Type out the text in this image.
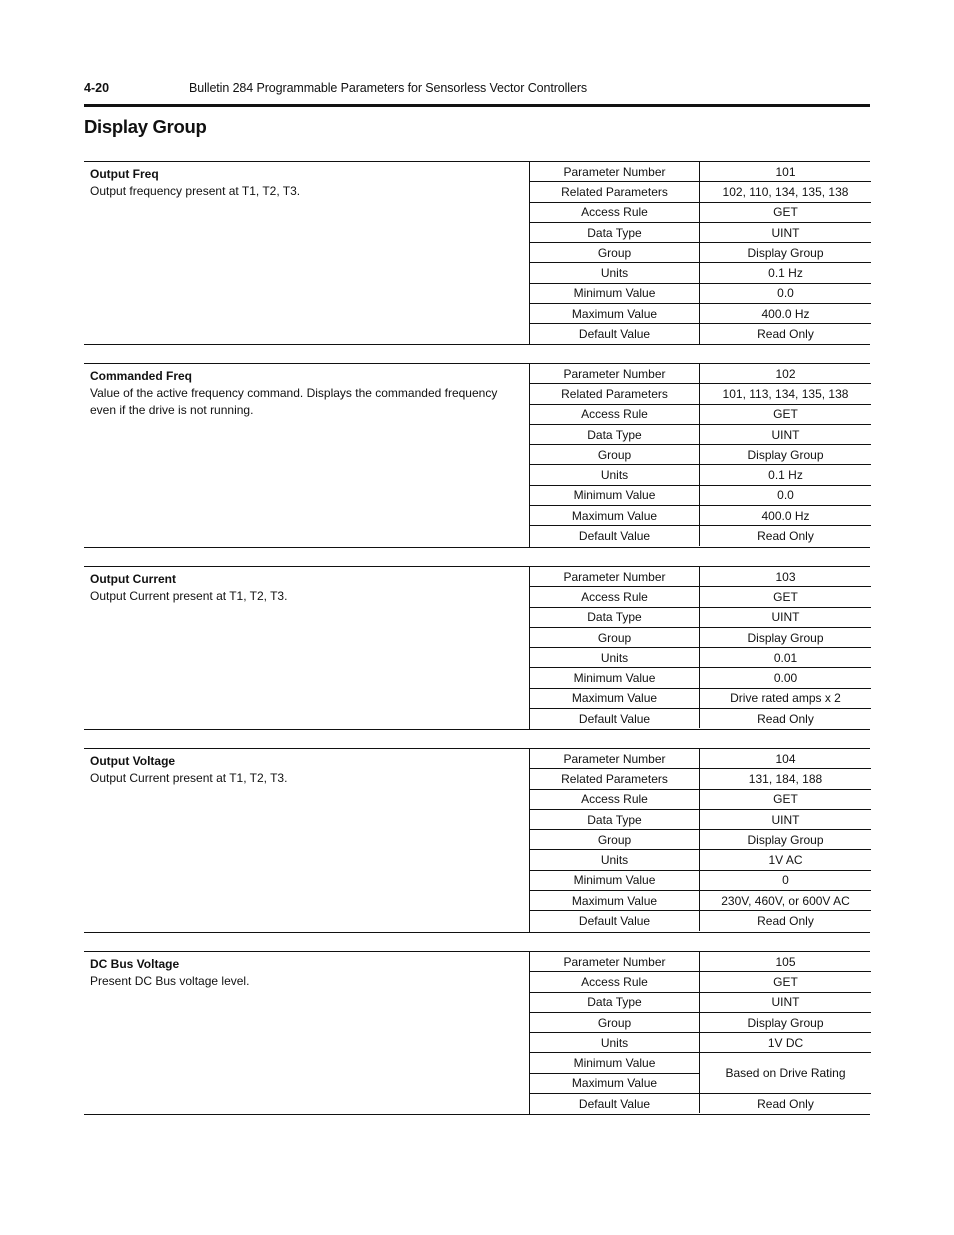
4-20	Bulletin 284 Programmable Parameters for Sensorless Vector Controllers
Display Group
Output Freq
Output frequency present at T1, T2, T3.
Parameter Number	101
Related Parameters	102, 110, 134, 135, 138
Access Rule	GET
Data Type	UINT
Group	Display Group
Units	0.1 Hz
Minimum Value	0.0
Maximum Value	400.0 Hz
Default Value	Read Only
Commanded Freq
Value of the active frequency command. Displays the commanded frequency even if the drive is not running.
Parameter Number	102
Related Parameters	101, 113, 134, 135, 138
Access Rule	GET
Data Type	UINT
Group	Display Group
Units	0.1 Hz
Minimum Value	0.0
Maximum Value	400.0 Hz
Default Value	Read Only
Output Current
Output Current present at T1, T2, T3.
Parameter Number	103
Access Rule	GET
Data Type	UINT
Group	Display Group
Units	0.01
Minimum Value	0.00
Maximum Value	Drive rated amps x 2
Default Value	Read Only
Output Voltage
Output Current present at T1, T2, T3.
Parameter Number	104
Related Parameters	131, 184, 188
Access Rule	GET
Data Type	UINT
Group	Display Group
Units	1V AC
Minimum Value	0
Maximum Value	230V, 460V, or 600V AC
Default Value	Read Only
DC Bus Voltage
Present DC Bus voltage level.
Parameter Number	105
Access Rule	GET
Data Type	UINT
Group	Display Group
Units	1V DC
Minimum Value	Based on Drive Rating
Maximum Value	
Default Value	Read Only
